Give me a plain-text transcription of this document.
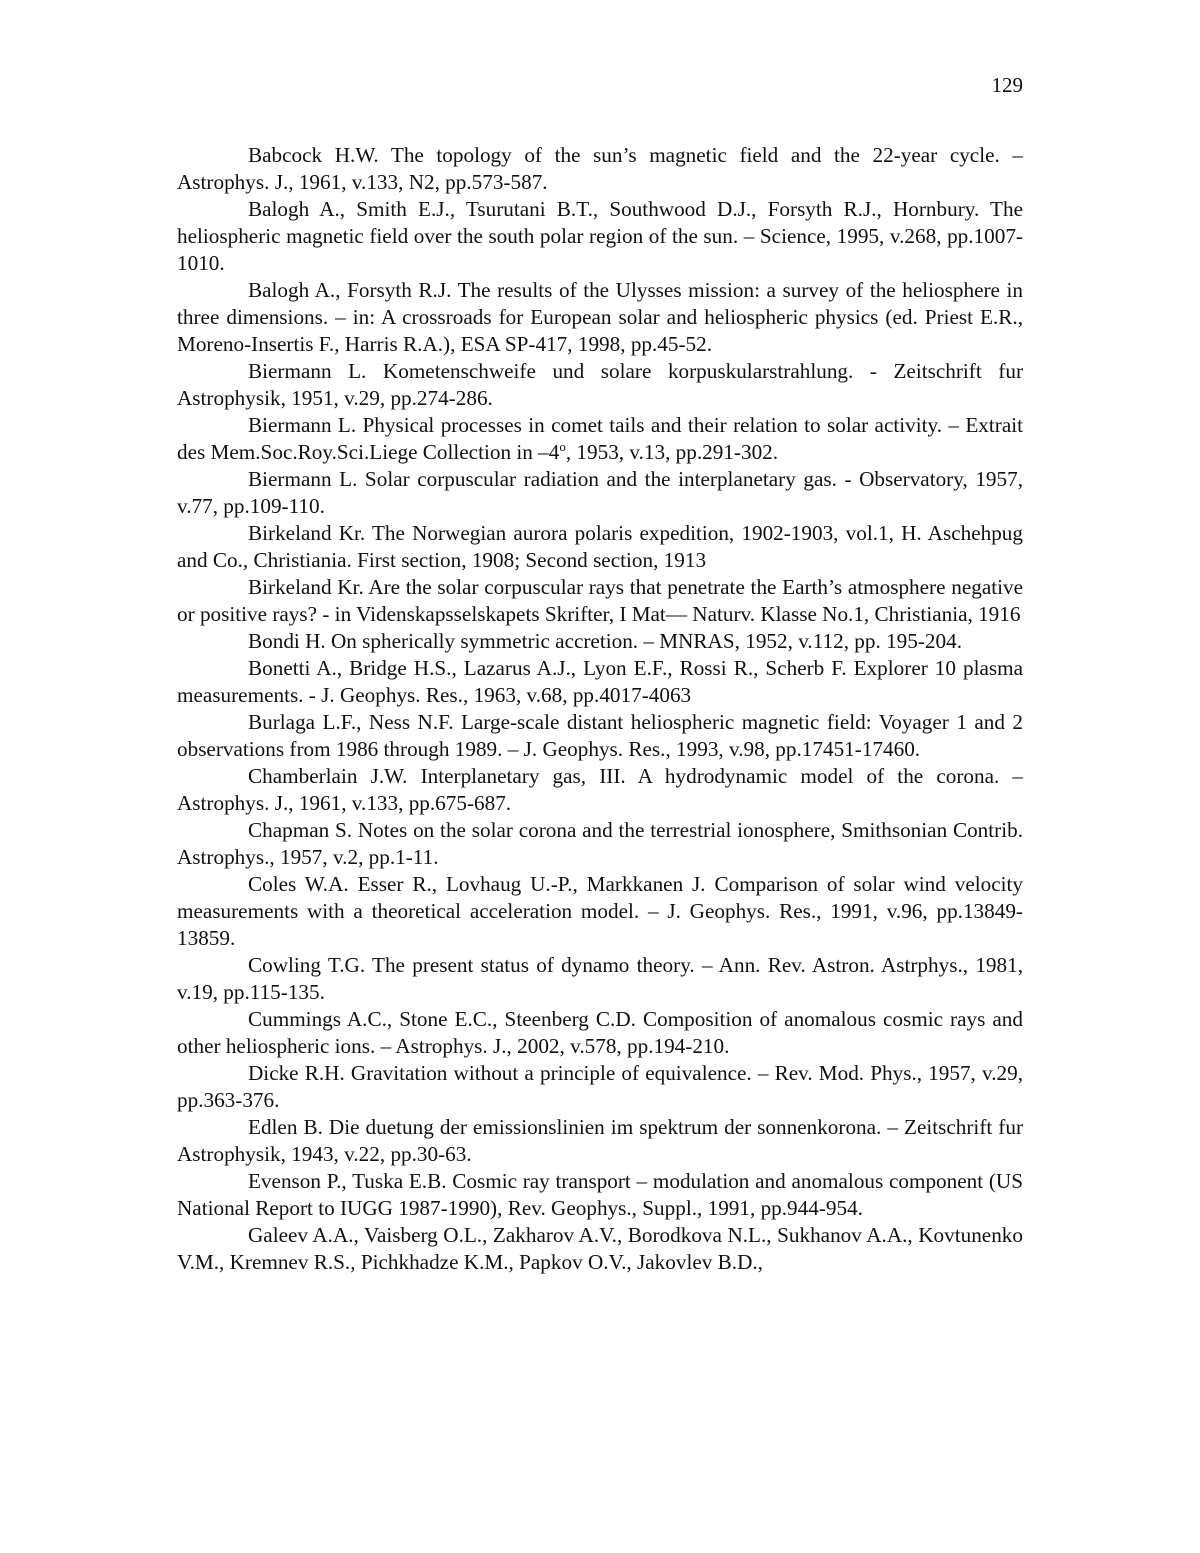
129
Babcock H.W. The topology of the sun’s magnetic field and the 22-year cycle. – Astrophys. J., 1961, v.133, N2, pp.573-587.
Balogh A., Smith E.J., Tsurutani B.T., Southwood D.J., Forsyth R.J., Hornbury. The heliospheric magnetic field over the south polar region of the sun. – Science, 1995, v.268, pp.1007-1010.
Balogh A., Forsyth R.J. The results of the Ulysses mission: a survey of the heliosphere in three dimensions. – in: A crossroads for European solar and heliospheric physics (ed. Priest E.R., Moreno-Insertis F., Harris R.A.), ESA SP-417, 1998, pp.45-52.
Biermann L. Kometenschweife und solare korpuskularstrahlung. - Zeitschrift fur Astrophysik, 1951, v.29, pp.274-286.
Biermann L. Physical processes in comet tails and their relation to solar activity. – Extrait des Mem.Soc.Roy.Sci.Liege Collection in –4$^o$, 1953, v.13, pp.291-302.
Biermann L. Solar corpuscular radiation and the interplanetary gas. - Observatory, 1957, v.77, pp.109-110.
Birkeland Kr. The Norwegian aurora polaris expedition, 1902-1903, vol.1, H. Aschehpug and Co., Christiania. First section, 1908; Second section, 1913
Birkeland Kr. Are the solar corpuscular rays that penetrate the Earth’s atmosphere negative or positive rays? - in Videnskapsselskapets Skrifter, I Mat— Naturv. Klasse No.1, Christiania, 1916
Bondi H. On spherically symmetric accretion. – MNRAS, 1952, v.112, pp. 195-204.
Bonetti A., Bridge H.S., Lazarus A.J., Lyon E.F., Rossi R., Scherb F. Explorer 10 plasma measurements. - J. Geophys. Res., 1963, v.68, pp.4017-4063
Burlaga L.F., Ness N.F. Large-scale distant heliospheric magnetic field: Voyager 1 and 2 observations from 1986 through 1989. – J. Geophys. Res., 1993, v.98, pp.17451-17460.
Chamberlain J.W. Interplanetary gas, III. A hydrodynamic model of the corona. – Astrophys. J., 1961, v.133, pp.675-687.
Chapman S. Notes on the solar corona and the terrestrial ionosphere, Smithsonian Contrib. Astrophys., 1957, v.2, pp.1-11.
Coles W.A. Esser R., Lovhaug U.-P., Markkanen J. Comparison of solar wind velocity measurements with a theoretical acceleration model. – J. Geophys. Res., 1991, v.96, pp.13849-13859.
Cowling T.G. The present status of dynamo theory. – Ann. Rev. Astron. Astrphys., 1981, v.19, pp.115-135.
Cummings A.C., Stone E.C., Steenberg C.D. Composition of anomalous cosmic rays and other heliospheric ions. – Astrophys. J., 2002, v.578, pp.194-210.
Dicke R.H. Gravitation without a principle of equivalence. – Rev. Mod. Phys., 1957, v.29, pp.363-376.
Edlen B. Die duetung der emissionslinien im spektrum der sonnenkorona. – Zeitschrift fur Astrophysik, 1943, v.22, pp.30-63.
Evenson P., Tuska E.B. Cosmic ray transport – modulation and anomalous component (US National Report to IUGG 1987-1990), Rev. Geophys., Suppl., 1991, pp.944-954.
Galeev A.A., Vaisberg O.L., Zakharov A.V., Borodkova N.L., Sukhanov A.A., Kovtunenko V.M., Kremnev R.S., Pichkhadze K.M., Papkov O.V., Jakovlev B.D.,
